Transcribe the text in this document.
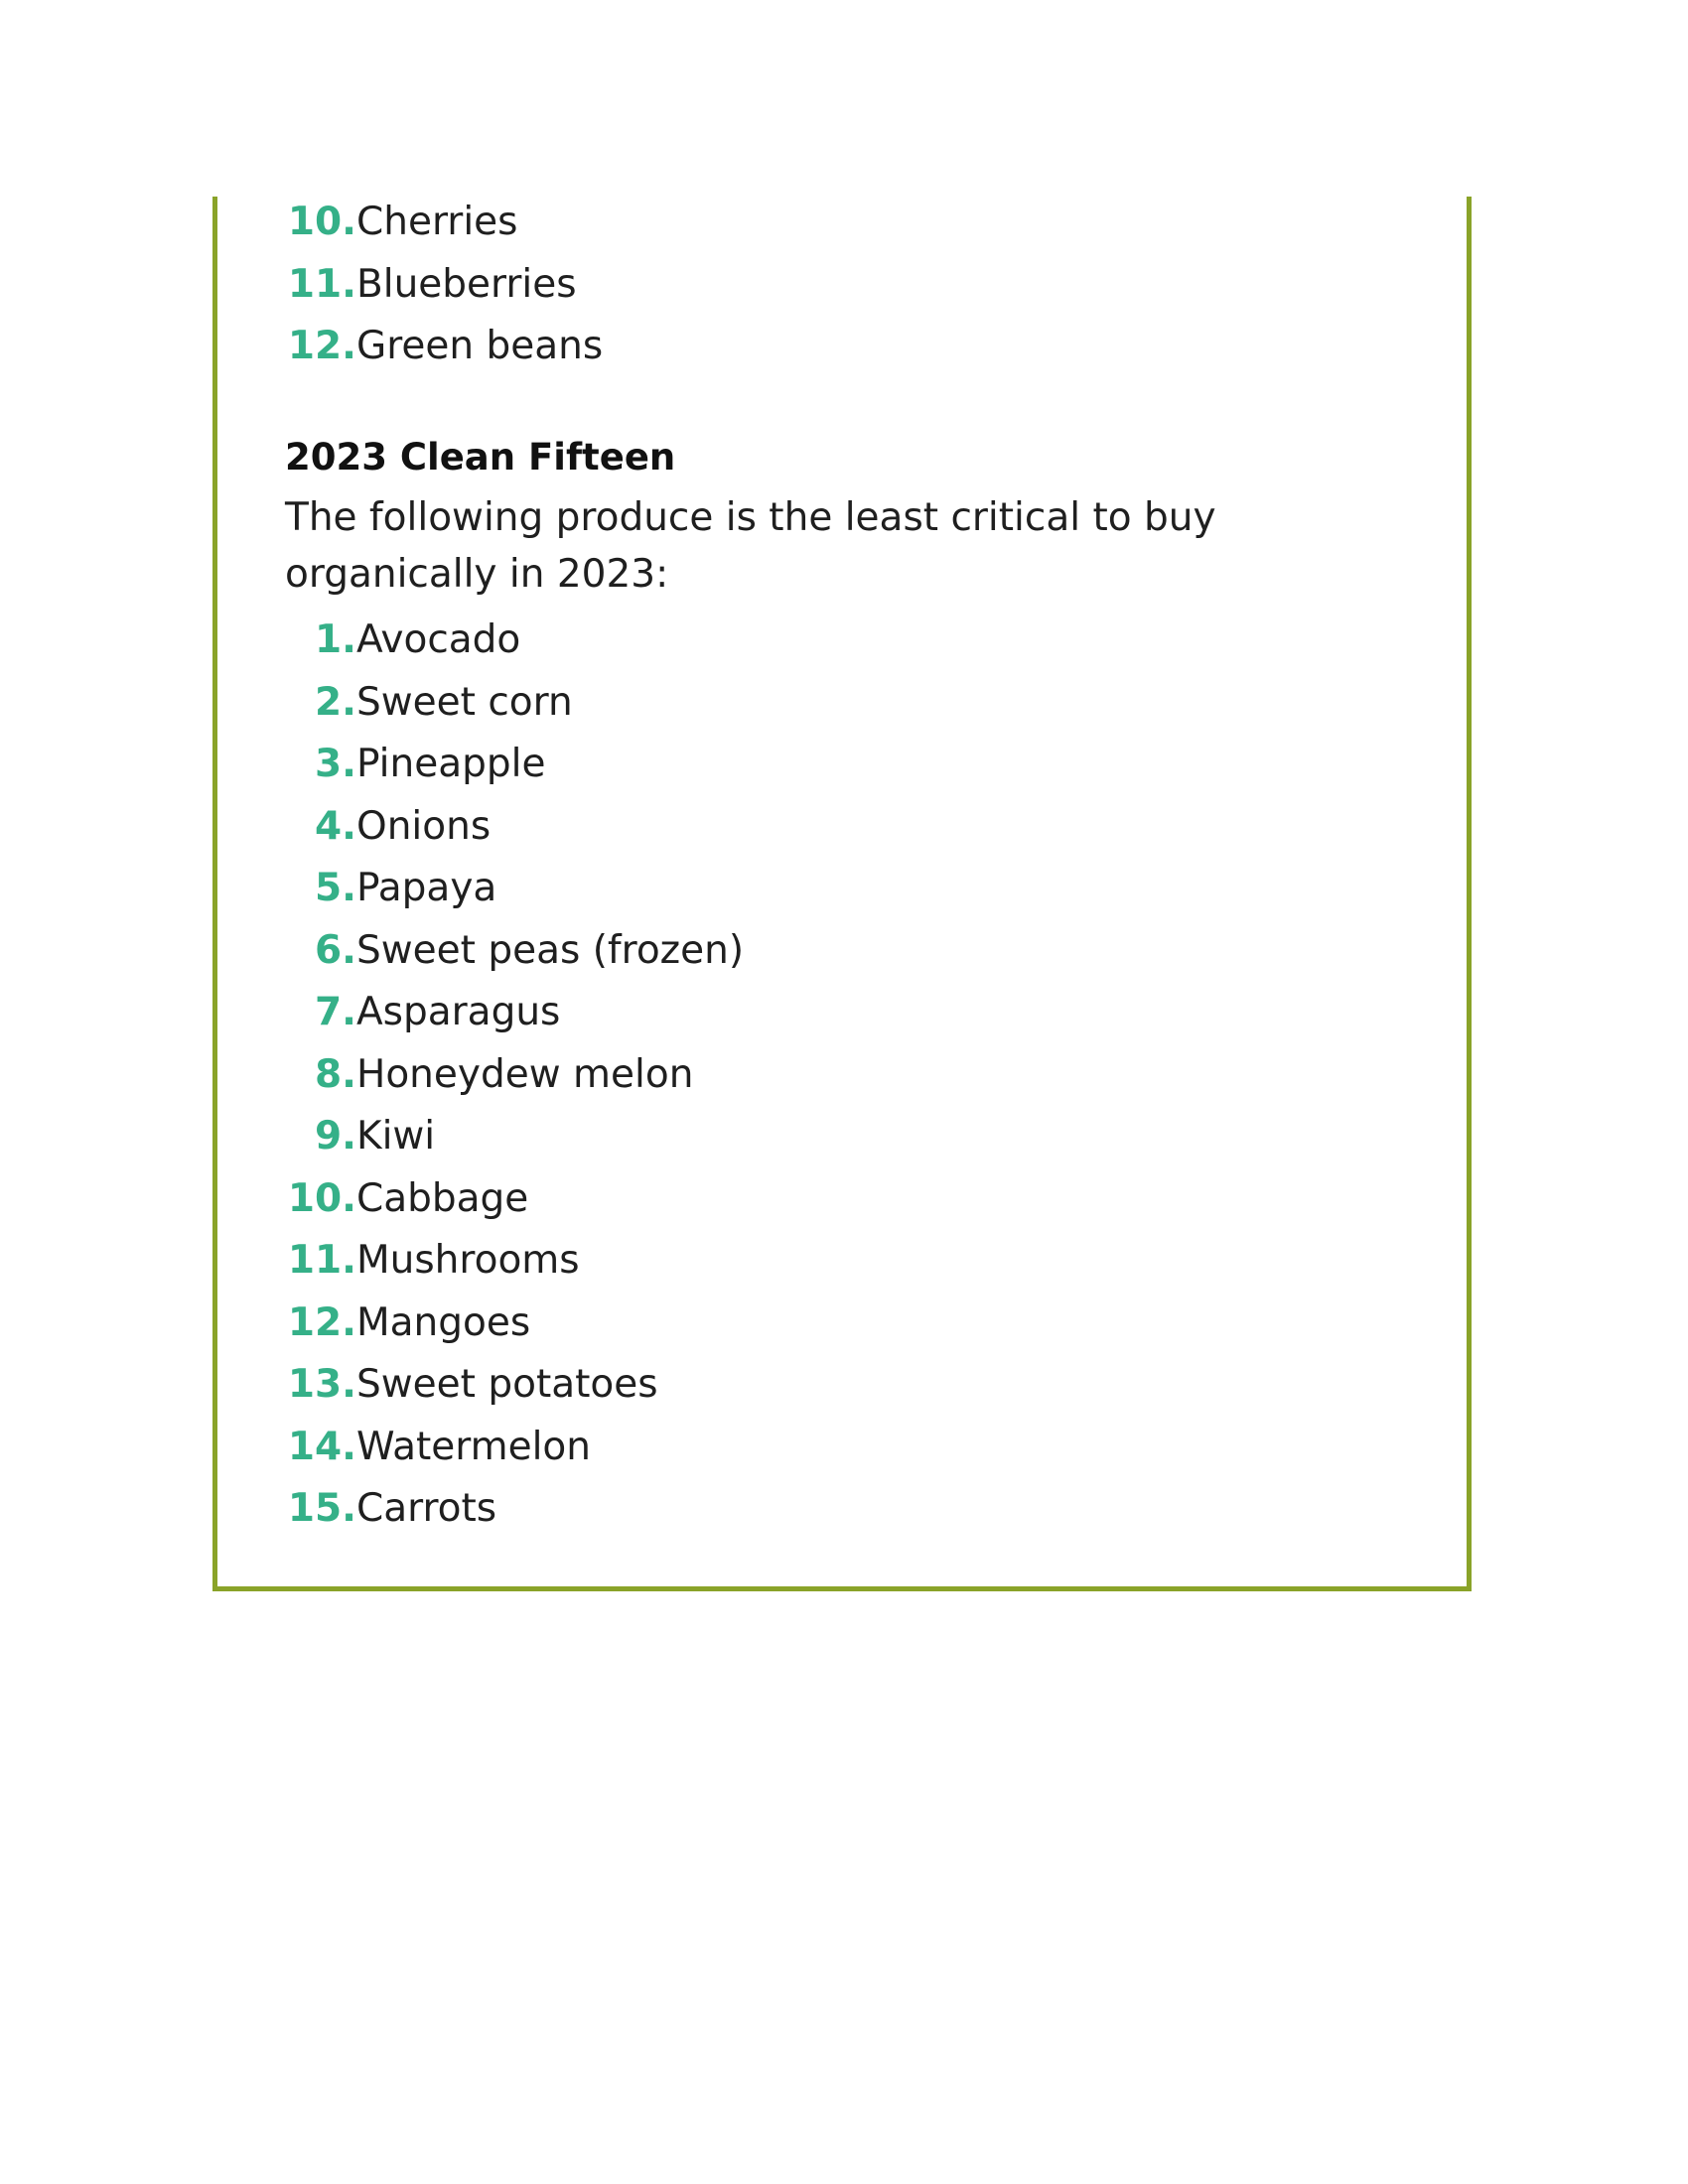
10. Cherries
11. Blueberries
12. Green beans
2023 Clean Fifteen

The following produce is the least critical to buy organically in 2023:

1. Avocado
2. Sweet corn
3. Pineapple
4. Onions
5. Papaya
6. Sweet peas (frozen)
7. Asparagus
8. Honeydew melon
9. Kiwi
10. Cabbage
11. Mushrooms
12. Mangoes
13. Sweet potatoes
14. Watermelon
15. Carrots
